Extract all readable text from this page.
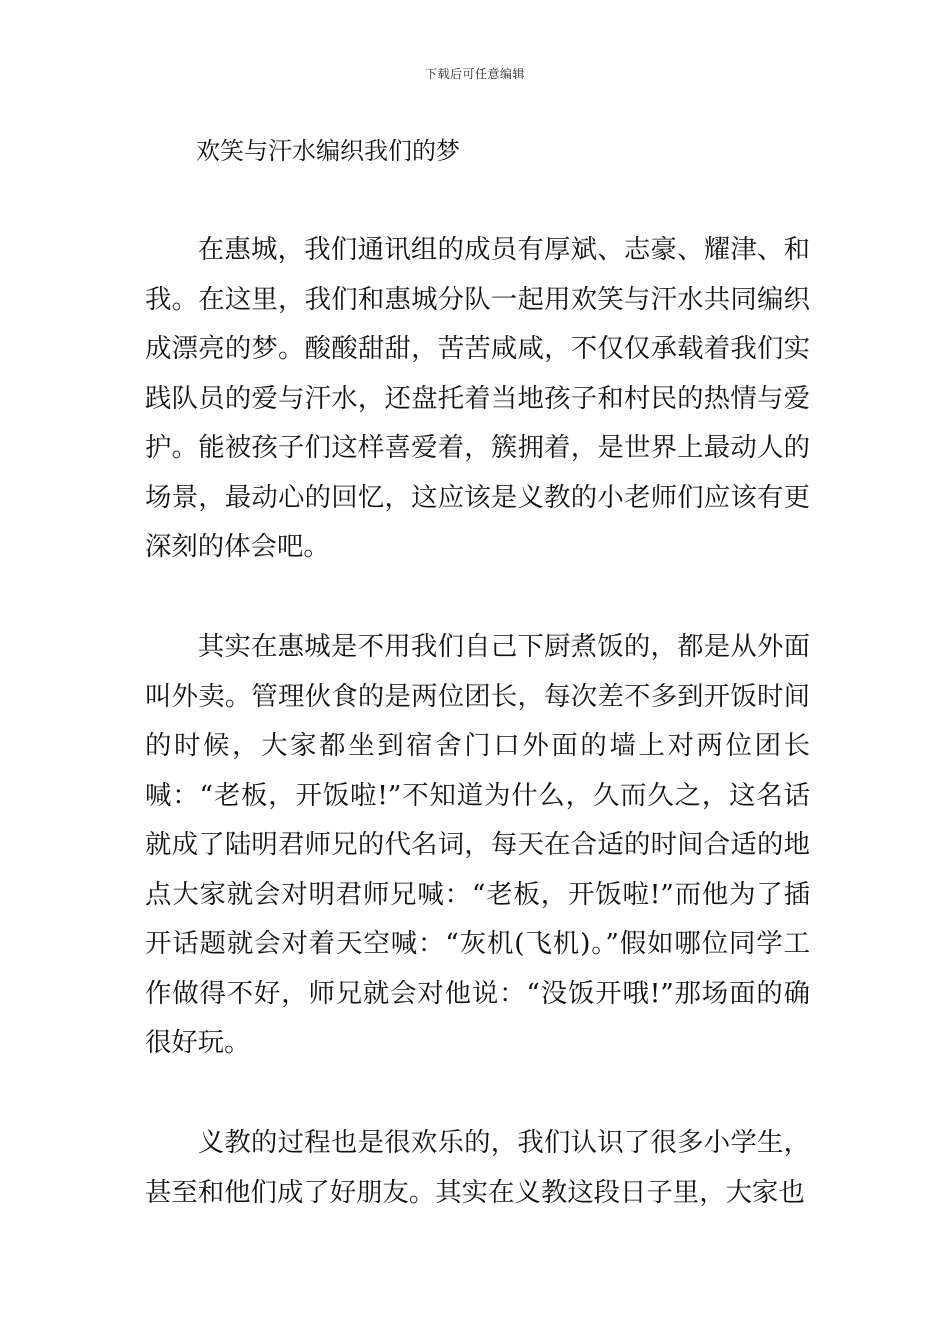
下载后可任意编辑
欢笑与汗水编织我们的梦

在惠城，我们通讯组的成员有厚斌、志豪、耀津、和我。在这里，我们和惠城分队一起用欢笑与汗水共同编织成漂亮的梦。酸酸甜甜，苦苦咸咸，不仅仅承载着我们实践队员的爱与汗水，还盘托着当地孩子和村民的热情与爱护。能被孩子们这样喜爱着，簇拥着，是世界上最动人的场景，最动心的回忆，这应该是义教的小老师们应该有更深刻的体会吧。

其实在惠城是不用我们自己下厨煮饭的，都是从外面叫外卖。管理伙食的是两位团长，每次差不多到开饭时间的时候，大家都坐到宿舍门口外面的墙上对两位团长喊：“老板，开饭啦!”不知道为什么，久而久之，这名话就成了陆明君师兄的代名词，每天在合适的时间合适的地点大家就会对明君师兄喊：“老板，开饭啦!”而他为了插开话题就会对着天空喊：“灰机(飞机)。”假如哪位同学工作做得不好，师兄就会对他说：“没饭开哦!”那场面的确很好玩。

义教的过程也是很欢乐的，我们认识了很多小学生，甚至和他们成了好朋友。其实在义教这段日子里，大家也
